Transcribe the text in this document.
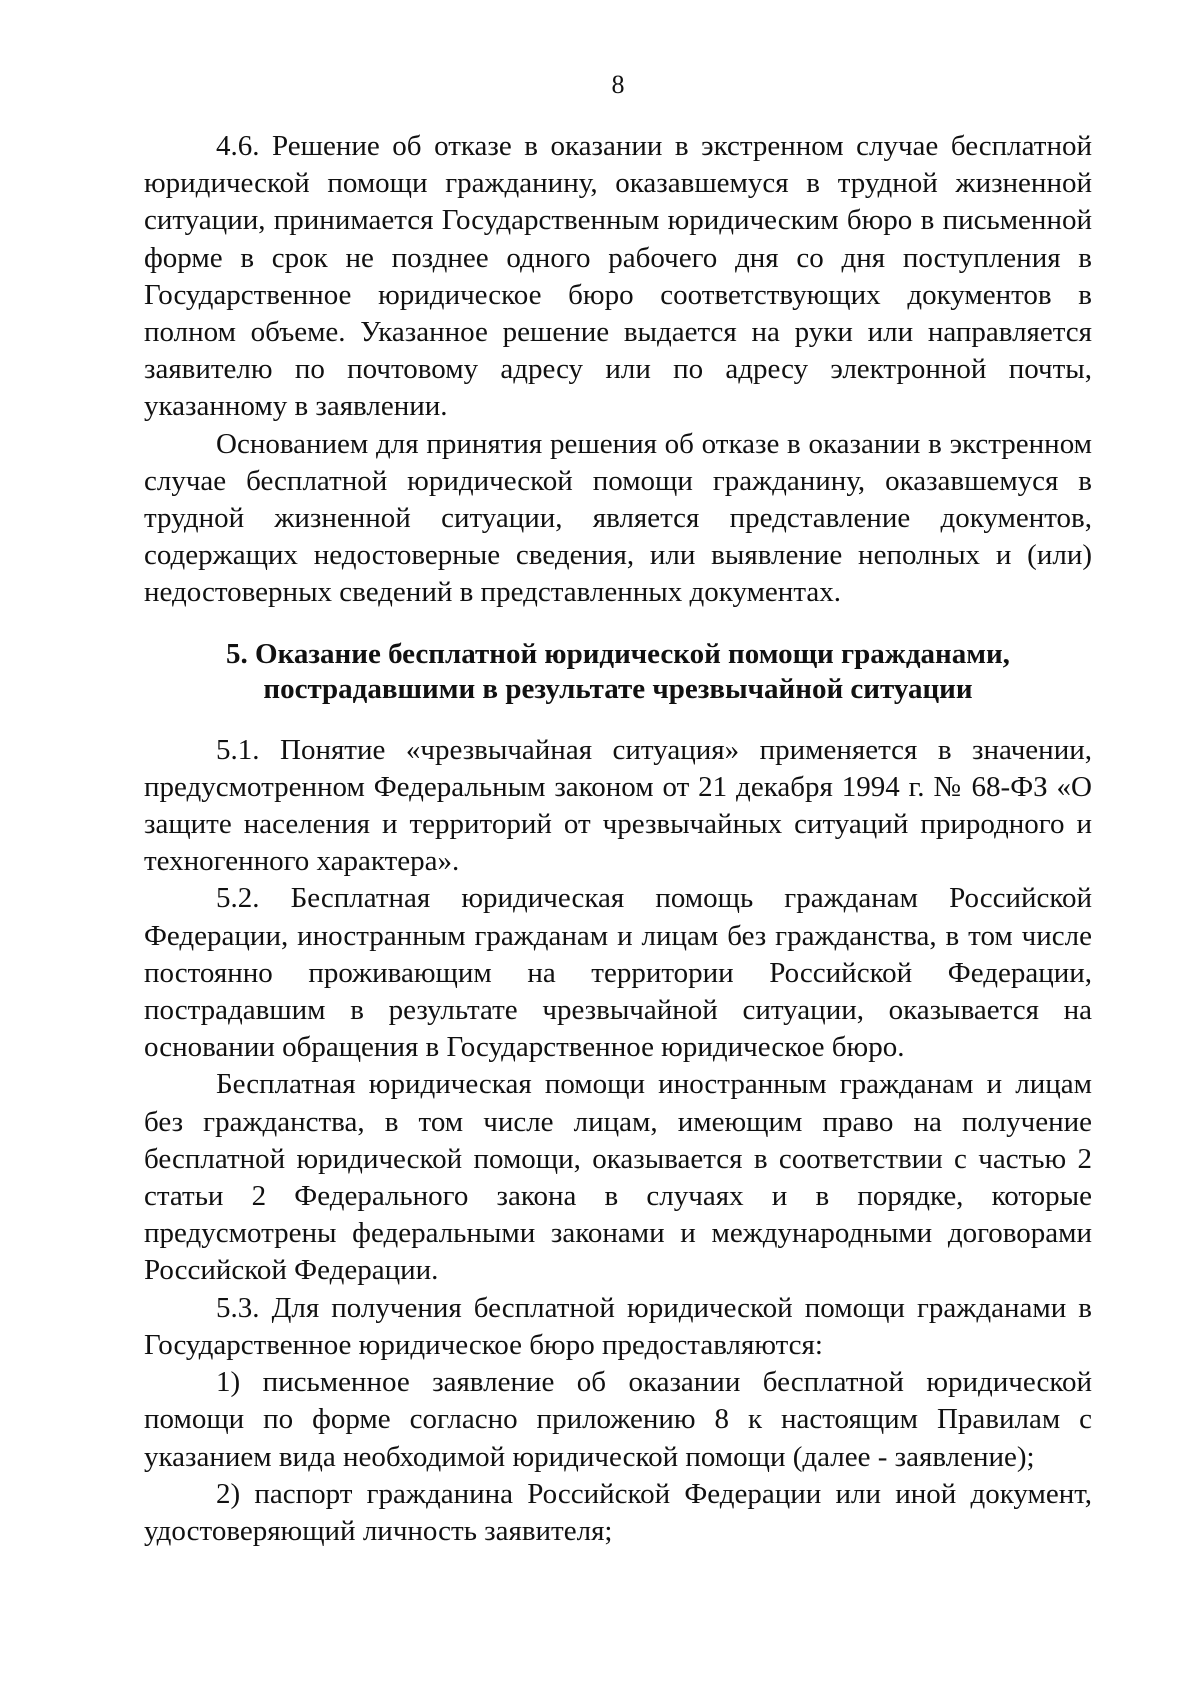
8

4.6. Решение об отказе в оказании в экстренном случае бесплатной юридической помощи гражданину, оказавшемуся в трудной жизненной ситуации, принимается Государственным юридическим бюро в письменной форме в срок не позднее одного рабочего дня со дня поступления в Государственное юридическое бюро соответствующих документов в полном объеме. Указанное решение выдается на руки или направляется заявителю по почтовому адресу или по адресу электронной почты, указанному в заявлении.

Основанием для принятия решения об отказе в оказании в экстренном случае бесплатной юридической помощи гражданину, оказавшемуся в трудной жизненной ситуации, является представление документов, содержащих недостоверные сведения, или выявление неполных и (или) недостоверных сведений в представленных документах.

5. Оказание бесплатной юридической помощи гражданами,
пострадавшими в результате чрезвычайной ситуации

5.1. Понятие «чрезвычайная ситуация» применяется в значении, предусмотренном Федеральным законом от 21 декабря 1994 г. № 68-ФЗ «О защите населения и территорий от чрезвычайных ситуаций природного и техногенного характера».

5.2. Бесплатная юридическая помощь гражданам Российской Федерации, иностранным гражданам и лицам без гражданства, в том числе постоянно проживающим на территории Российской Федерации, пострадавшим в результате чрезвычайной ситуации, оказывается на основании обращения в Государственное юридическое бюро.

Бесплатная юридическая помощи иностранным гражданам и лицам без гражданства, в том числе лицам, имеющим право на получение бесплатной юридической помощи, оказывается в соответствии с частью 2 статьи 2 Федерального закона в случаях и в порядке, которые предусмотрены федеральными законами и международными договорами Российской Федерации.

5.3. Для получения бесплатной юридической помощи гражданами в Государственное юридическое бюро предоставляются:

1) письменное заявление об оказании бесплатной юридической помощи по форме согласно приложению 8 к настоящим Правилам с указанием вида необходимой юридической помощи (далее - заявление);

2) паспорт гражданина Российской Федерации или иной документ, удостоверяющий личность заявителя;
